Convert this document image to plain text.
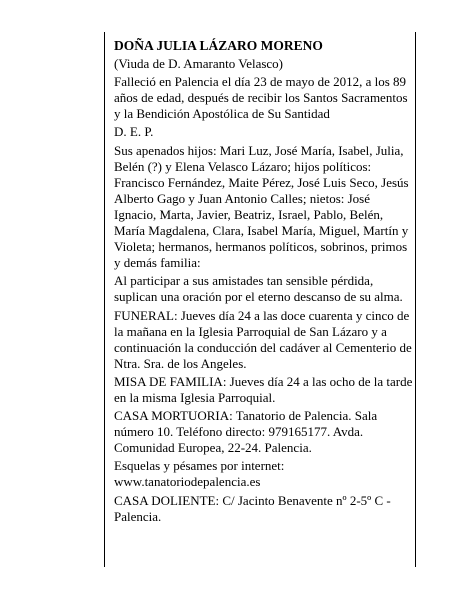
DOÑA JULIA LÁZARO MORENO

(Viuda de D. Amaranto Velasco)

Falleció en Palencia el día 23 de mayo de 2012, a los 89 años de edad, después de recibir los Santos Sacramentos y la Bendición Apostólica de Su Santidad

D. E. P.

Sus apenados hijos: Mari Luz, José María, Isabel, Julia, Belén (?) y Elena Velasco Lázaro; hijos políticos: Francisco Fernández, Maite Pérez, José Luis Seco, Jesús Alberto Gago y Juan Antonio Calles; nietos: José Ignacio, Marta, Javier, Beatriz, Israel, Pablo, Belén, María Magdalena, Clara, Isabel María, Miguel, Martín y Violeta; hermanos, hermanos políticos, sobrinos, primos y demás familia:

Al participar a sus amistades tan sensible pérdida, suplican una oración por el eterno descanso de su alma.

FUNERAL: Jueves día 24 a las doce cuarenta y cinco de la mañana en la Iglesia Parroquial de San Lázaro y a continuación la conducción del cadáver al Cementerio de Ntra. Sra. de los Angeles.

MISA DE FAMILIA: Jueves día 24 a las ocho de la tarde en la misma Iglesia Parroquial.

CASA MORTUORIA: Tanatorio de Palencia. Sala número 10. Teléfono directo: 979165177. Avda. Comunidad Europea, 22-24. Palencia.

Esquelas y pésames por internet: www.tanatoriodepalencia.es

CASA DOLIENTE: C/ Jacinto Benavente nº 2-5º C - Palencia.
